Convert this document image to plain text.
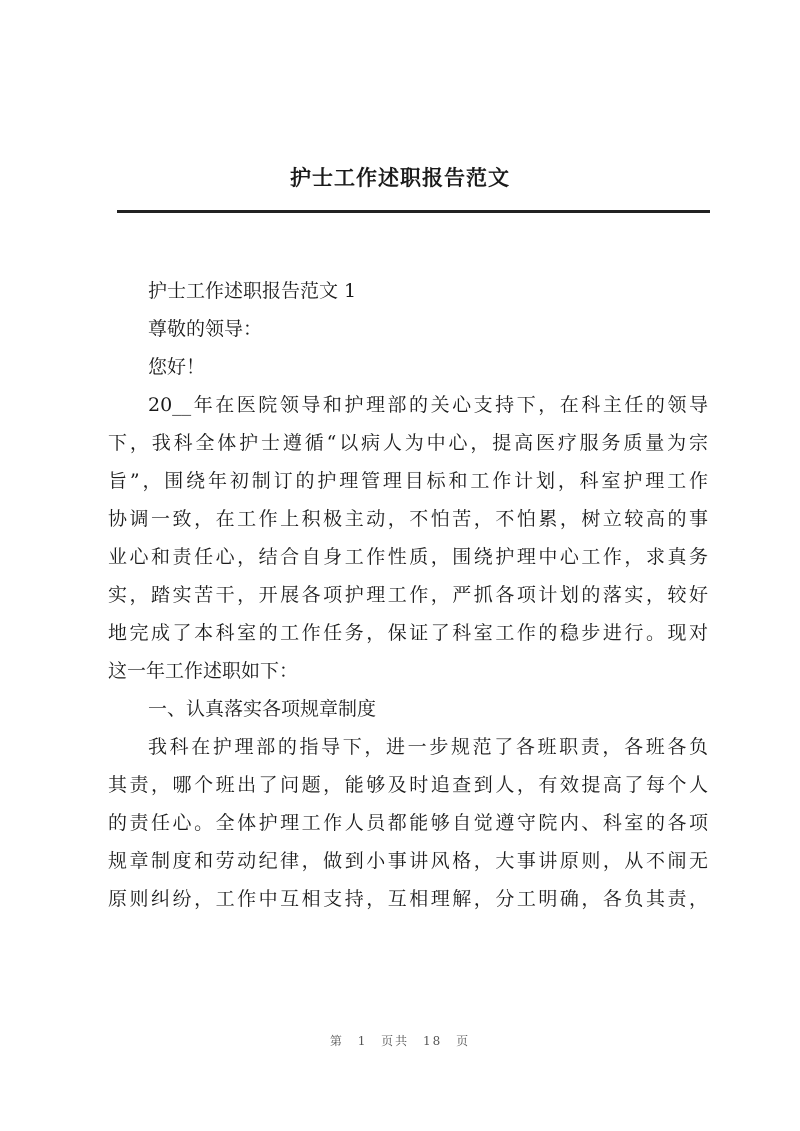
护士工作述职报告范文
护士工作述职报告范文 1
尊敬的领导：
您好！
20__年在医院领导和护理部的关心支持下，在科主任的领导
下，我科全体护士遵循“以病人为中心，提高医疗服务质量为宗
旨”，围绕年初制订的护理管理目标和工作计划，科室护理工作
协调一致，在工作上积极主动，不怕苦，不怕累，树立较高的事
业心和责任心，结合自身工作性质，围绕护理中心工作，求真务
实，踏实苦干，开展各项护理工作，严抓各项计划的落实，较好
地完成了本科室的工作任务，保证了科室工作的稳步进行。现对
这一年工作述职如下：
一、认真落实各项规章制度
我科在护理部的指导下，进一步规范了各班职责，各班各负
其责，哪个班出了问题，能够及时追查到人，有效提高了每个人
的责任心。全体护理工作人员都能够自觉遵守院内、科室的各项
规章制度和劳动纪律，做到小事讲风格，大事讲原则，从不闹无
原则纠纷，工作中互相支持，互相理解，分工明确，各负其责，
第 1 页共 18 页
